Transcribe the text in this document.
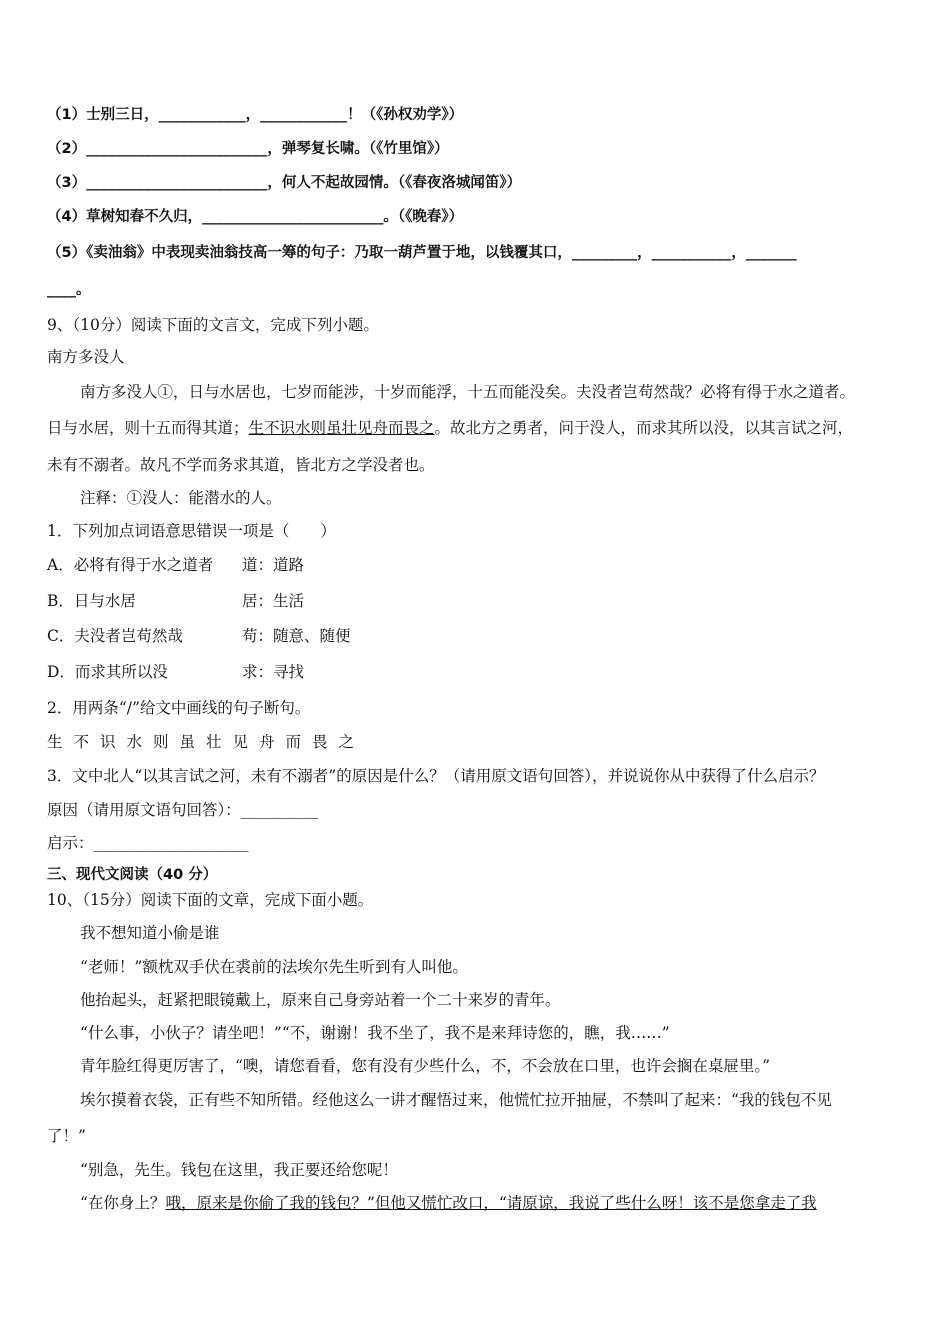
（1）士别三日，____________，____________！（《孙权劝学》）
（2）_________________________，弹琴复长啸。（《竹里馆》）
（3）_________________________，何人不起故园情。（《春夜洛城闻笛》）
（4）草树知春不久归，_________________________。（《晚春》）
（5）《卖油翁》中表现卖油翁技高一筹的句子：乃取一葫芦置于地，以钱覆其口，_________，___________，_______
____。
9、（10分）阅读下面的文言文，完成下列小题。
南方多没人
南方多没人①，日与水居也，七岁而能涉，十岁而能浮，十五而能没矣。夫没者岂苟然哉？必将有得于水之道者。
日与水居，则十五而得其道；生不识水则虽壮见舟而畏之。故北方之勇者，问于没人，而求其所以没，以其言试之河，
未有不溺者。故凡不学而务求其道，皆北方之学没者也。
注释：①没人：能潜水的人。
1．下列加点词语意思错误一项是（　　）
A．必将有得于水之道者 道：道路
B．日与水居	居：生活
C．夫没者岂苟然哉	苟：随意、随便
D．而求其所以没	求：寻找
2．用两条“/”给文中画线的句子断句。
生不识水则虽壮见舟而畏之
3．文中北人“以其言试之河，未有不溺者”的原因是什么？（请用原文语句回答），并说说你从中获得了什么启示？
原因（请用原文语句回答）：__________
启示：____________________
三、现代文阅读（40 分）
10、（15分）阅读下面的文章，完成下面小题。
我不想知道小偷是谁
“老师！”额枕双手伏在裘前的法埃尔先生听到有人叫他。
他抬起头，赶紧把眼镜戴上，原来自己身旁站着一个二十来岁的青年。
“什么事，小伙子？请坐吧！”“不，谢谢！我不坐了，我不是来拜诗您的，瞧，我……”
青年脸红得更厉害了，“噢，请您看看，您有没有少些什么，不，不会放在口里，也许会搁在桌屉里。”
埃尔摸着衣袋，正有些不知所错。经他这么一讲才醒悟过来，他慌忙拉开抽屉，不禁叫了起来：“我的钱包不见
了！”
“别急，先生。钱包在这里，我正要还给您呢！
“在你身上？哦，原来是你偷了我的钱包？”但他又慌忙改口，“请原谅，我说了些什么呀！该不是您拿走了我
